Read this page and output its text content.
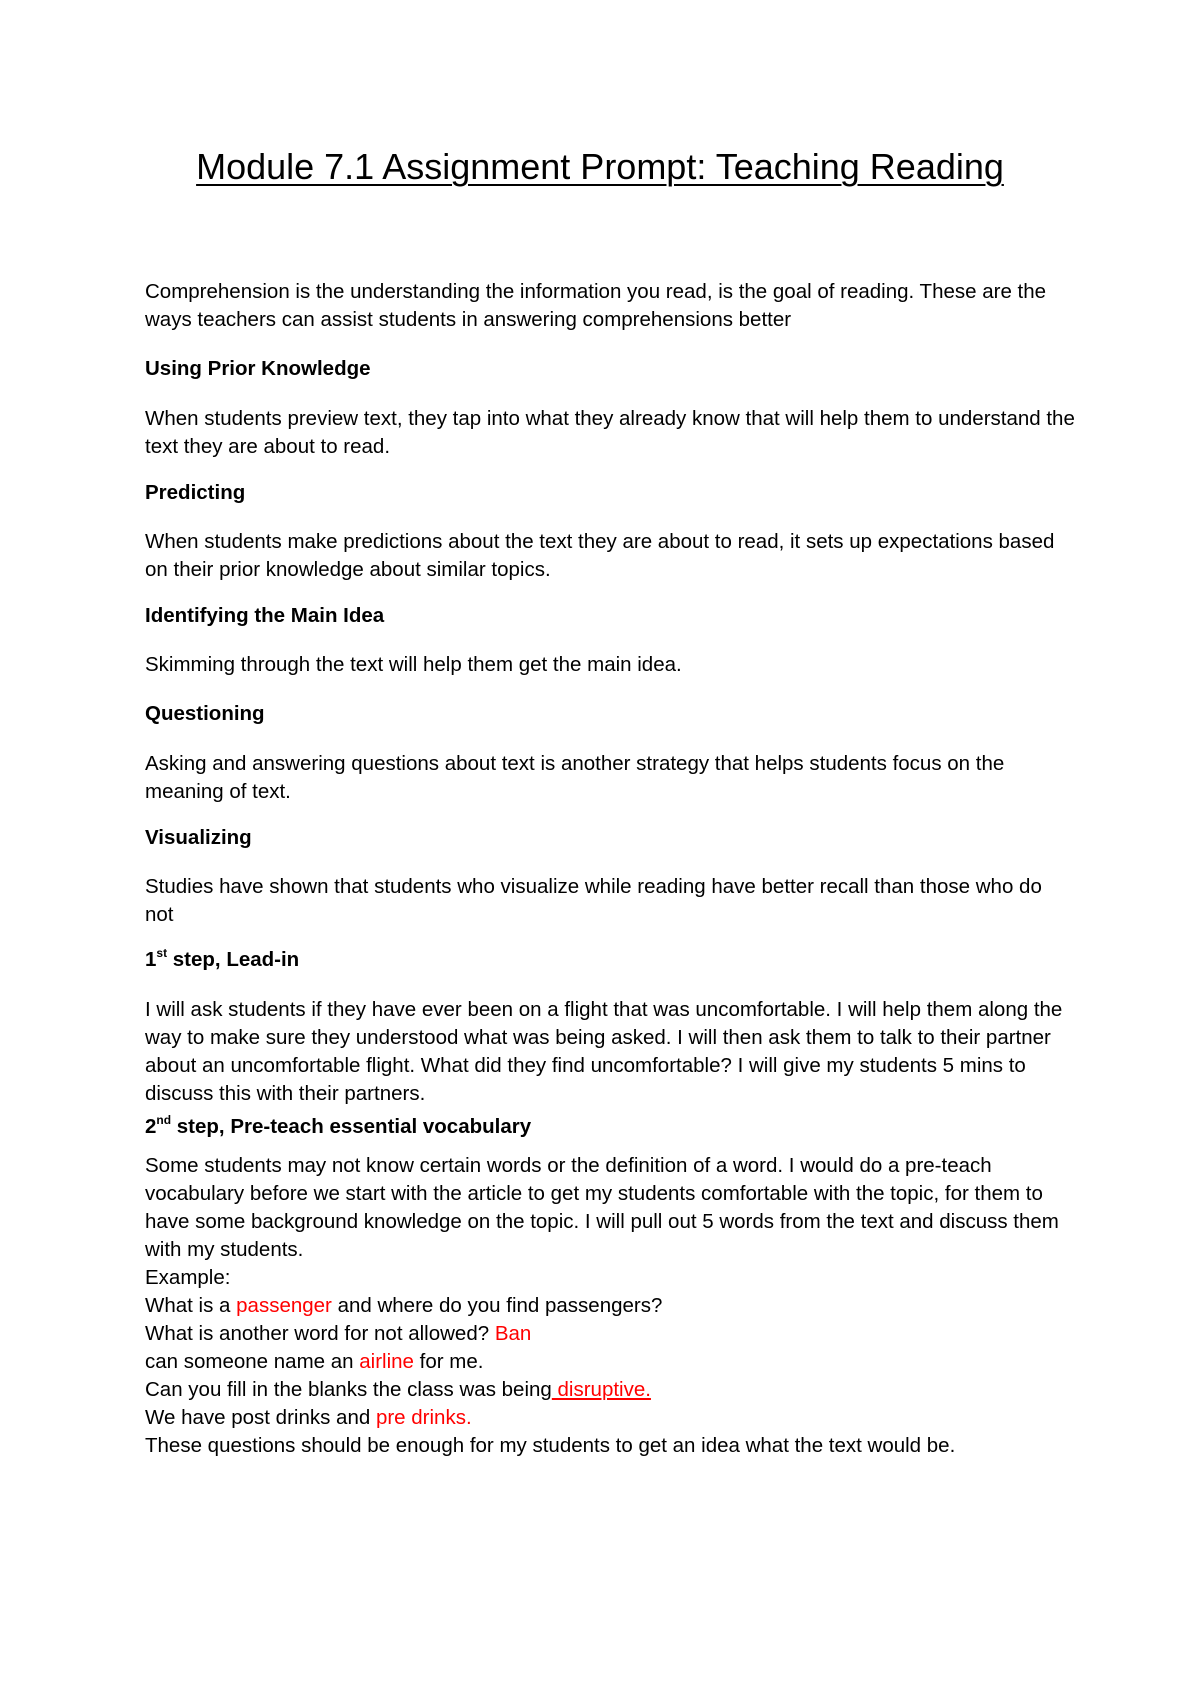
Module 7.1 Assignment Prompt: Teaching Reading

Comprehension is the understanding the information you read, is the goal of reading. These are the ways teachers can assist students in answering comprehensions better

Using Prior Knowledge

When students preview text, they tap into what they already know that will help them to understand the text they are about to read.

Predicting

When students make predictions about the text they are about to read, it sets up expectations based on their prior knowledge about similar topics.

Identifying the Main Idea

Skimming through the text will help them get the main idea.

Questioning

Asking and answering questions about text is another strategy that helps students focus on the meaning of text.

Visualizing

Studies have shown that students who visualize while reading have better recall than those who do not

1st step, Lead-in

I will ask students if they have ever been on a flight that was uncomfortable. I will help them along the way to make sure they understood what was being asked. I will then ask them to talk to their partner about an uncomfortable flight. What did they find uncomfortable? I will give my students 5 mins to discuss this with their partners.

2nd step, Pre-teach essential vocabulary

Some students may not know certain words or the definition of a word. I would do a pre-teach vocabulary before we start with the article to get my students comfortable with the topic, for them to have some background knowledge on the topic. I will pull out 5 words from the text and discuss them with my students.

Example:
What is a passenger and where do you find passengers?
What is another word for not allowed? Ban
can someone name an airline for me.
Can you fill in the blanks the class was being disruptive.
We have post drinks and pre drinks.
These questions should be enough for my students to get an idea what the text would be.
